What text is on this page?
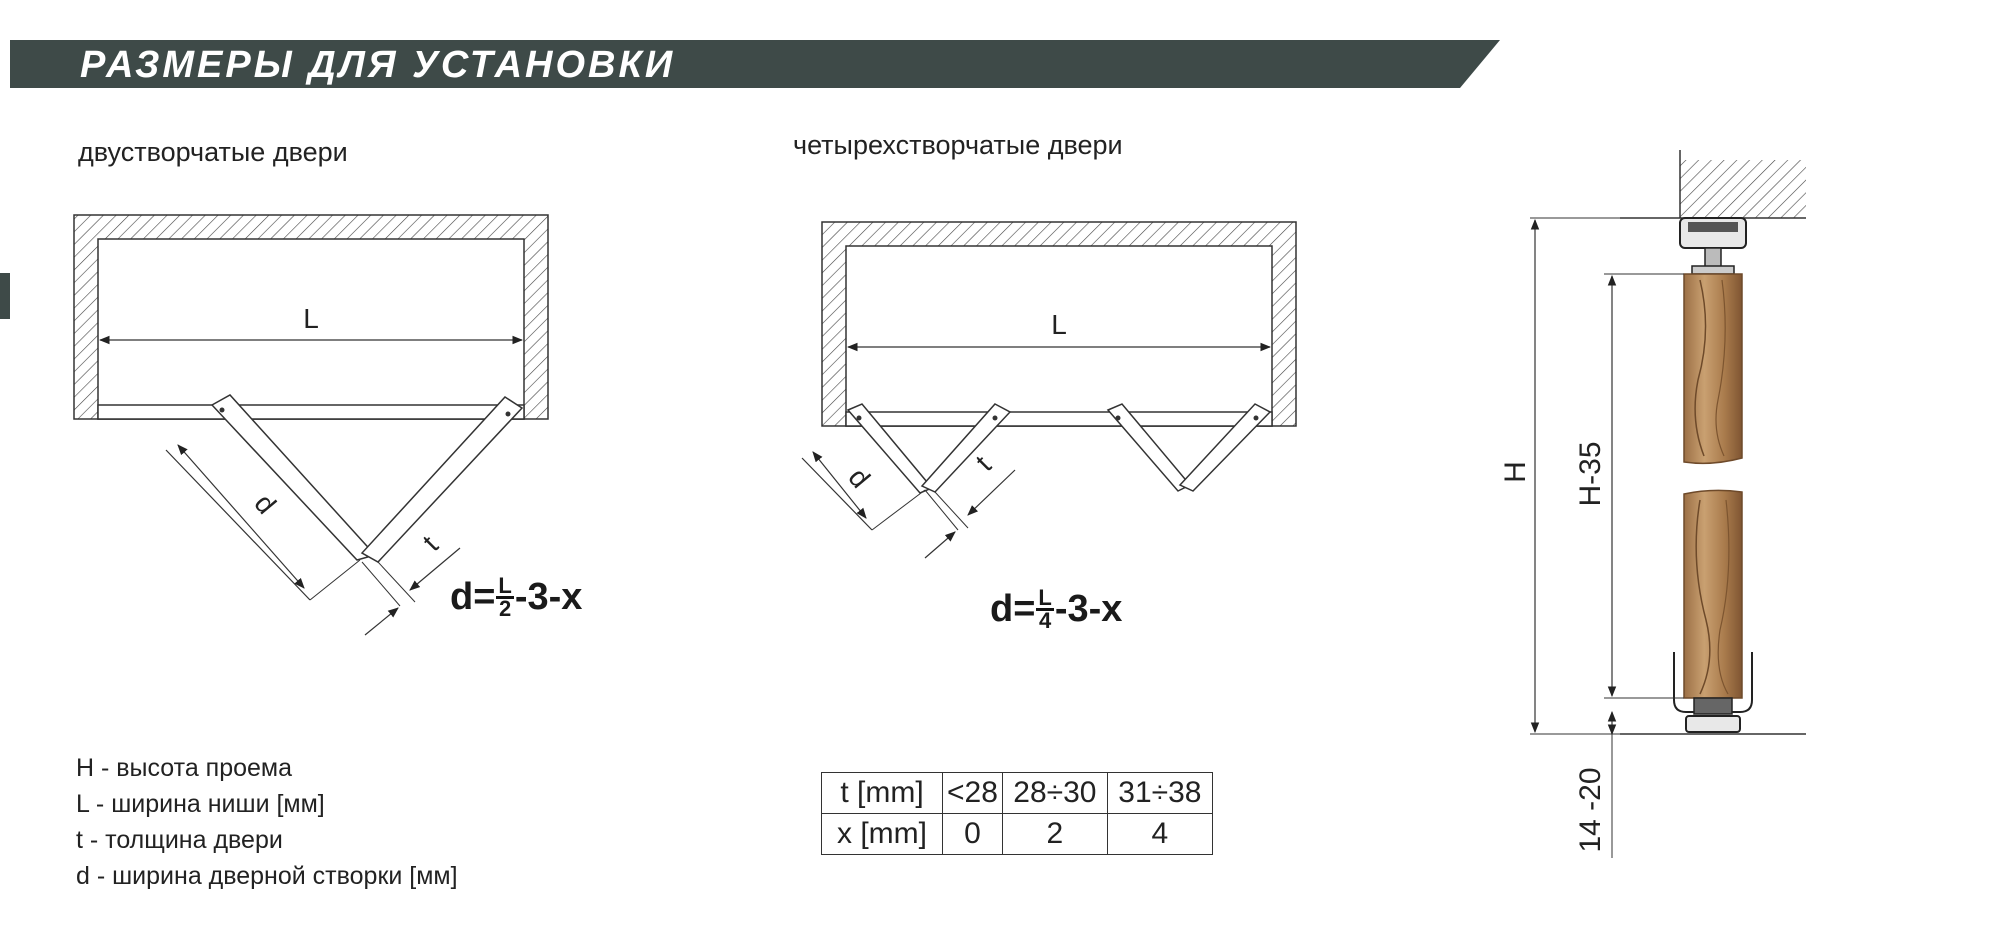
РАЗМЕРЫ ДЛЯ УСТАНОВКИ
двустворчатые двери	четырехстворчатые двери
L
d
t
L
d	t	H H-35
14 -20
$d= \frac{L}{2} -3-x$	$d= \frac{L}{4} -3-x$
H - высота проема
L - ширина ниши [мм]
t - толщина двери
d - ширина дверной створки [мм]
t [mm]	<28	28÷30	31÷38
x [mm]	0	2	4
